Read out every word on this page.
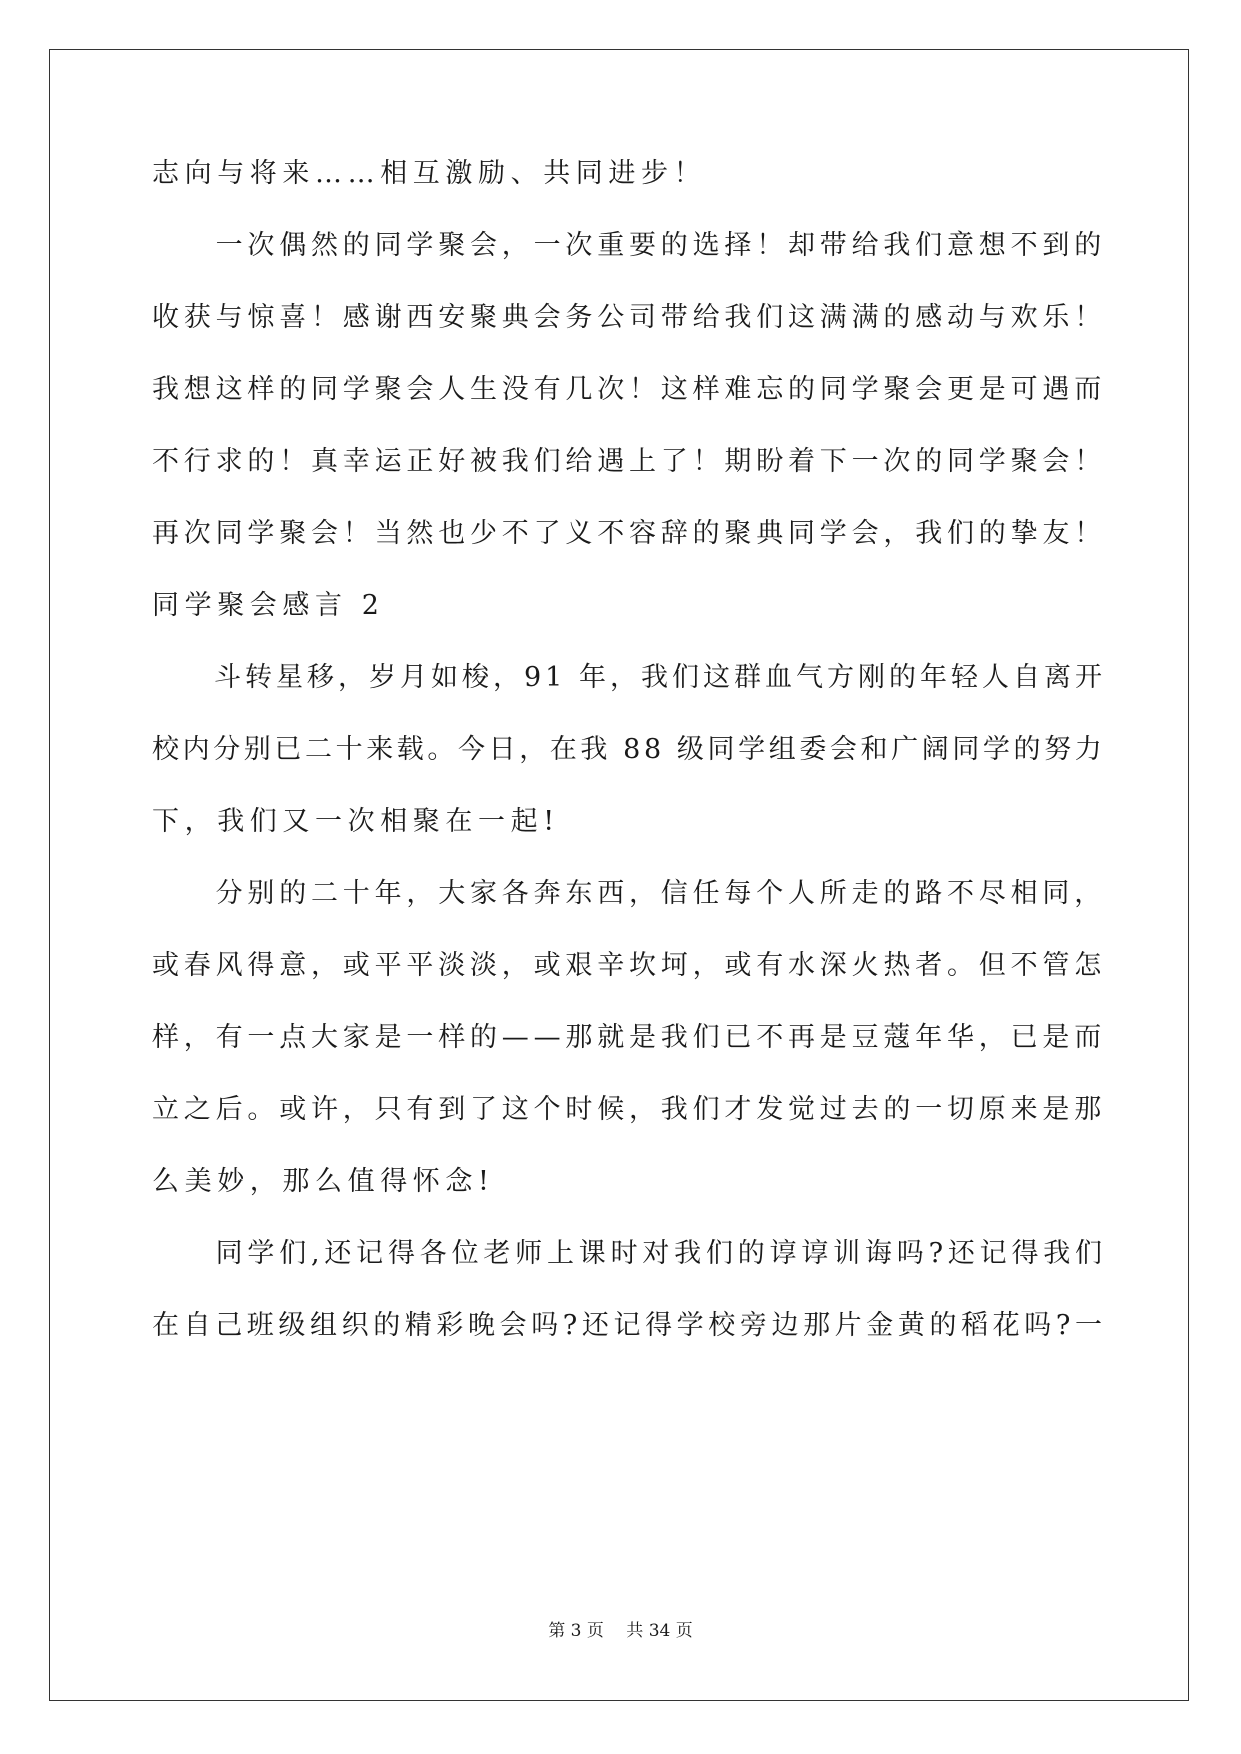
志向与将来……相互激励、共同进步！
　　一次偶然的同学聚会，一次重要的选择！却带给我们意想不到的
收获与惊喜！感谢西安聚典会务公司带给我们这满满的感动与欢乐！
我想这样的同学聚会人生没有几次！这样难忘的同学聚会更是可遇而
不行求的！真幸运正好被我们给遇上了！期盼着下一次的同学聚会！
再次同学聚会！当然也少不了义不容辞的聚典同学会，我们的挚友！
同学聚会感言 2
　　斗转星移，岁月如梭，91 年，我们这群血气方刚的年轻人自离开
校内分别已二十来载。今日，在我 88 级同学组委会和广阔同学的努力
下，我们又一次相聚在一起!
　　分别的二十年，大家各奔东西，信任每个人所走的路不尽相同，
或春风得意，或平平淡淡，或艰辛坎坷，或有水深火热者。但不管怎
样，有一点大家是一样的——那就是我们已不再是豆蔻年华，已是而
立之后。或许，只有到了这个时候，我们才发觉过去的一切原来是那
么美妙，那么值得怀念!
　　同学们,还记得各位老师上课时对我们的谆谆训诲吗?还记得我们
在自己班级组织的精彩晚会吗?还记得学校旁边那片金黄的稻花吗?一
第 3 页　 共 34 页
